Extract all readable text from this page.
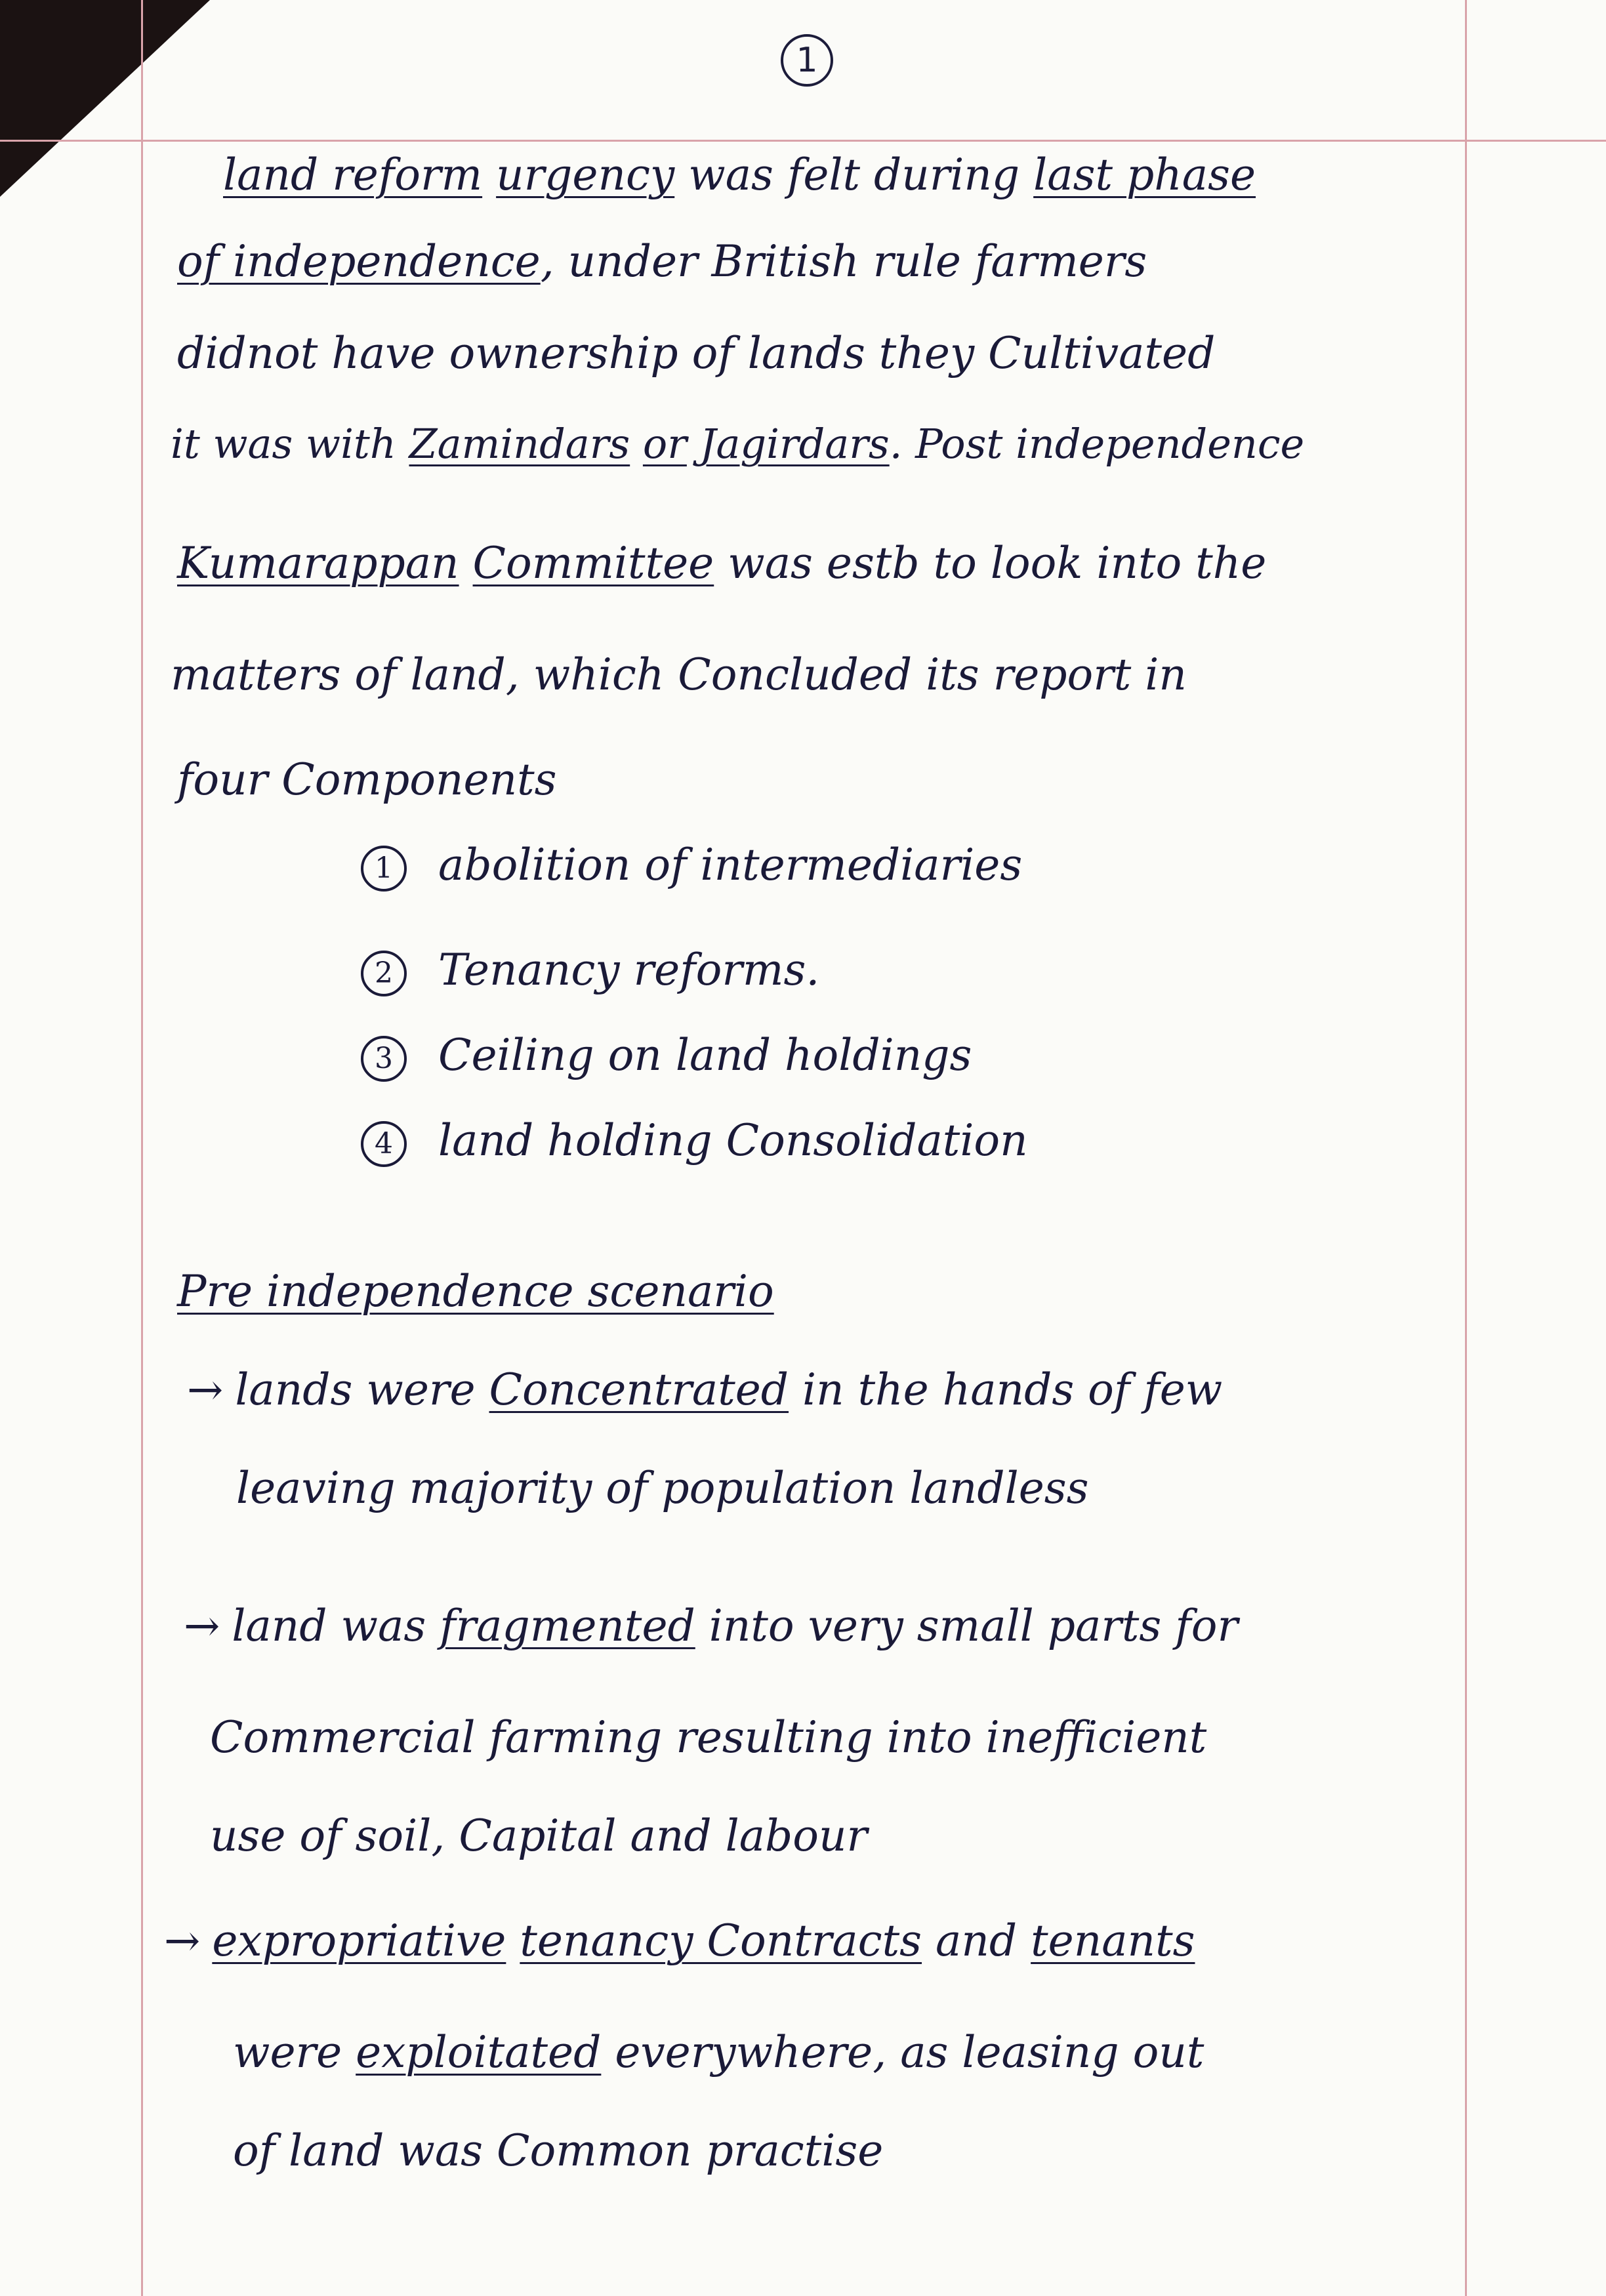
1
land reform urgency was felt during last phase
of independence, under British rule farmers
didnot have ownership of lands they Cultivated
it was with Zamindars or Jagirdars. Post independence
Kumarappan Committee was estb to look into the
matters of land, which Concluded its report in
four Components
1 abolition of intermediaries
2 Tenancy reforms.
3 Ceiling on land holdings
4 land holding Consolidation
Pre independence scenario
→ lands were Concentrated in the hands of few
leaving majority of population landless
→ land was fragmented into very small parts for
Commercial farming resulting into inefficient
use of soil, Capital and labour
→ expropriative tenancy Contracts and tenants
were exploitated everywhere, as leasing out
of land was Common practise
